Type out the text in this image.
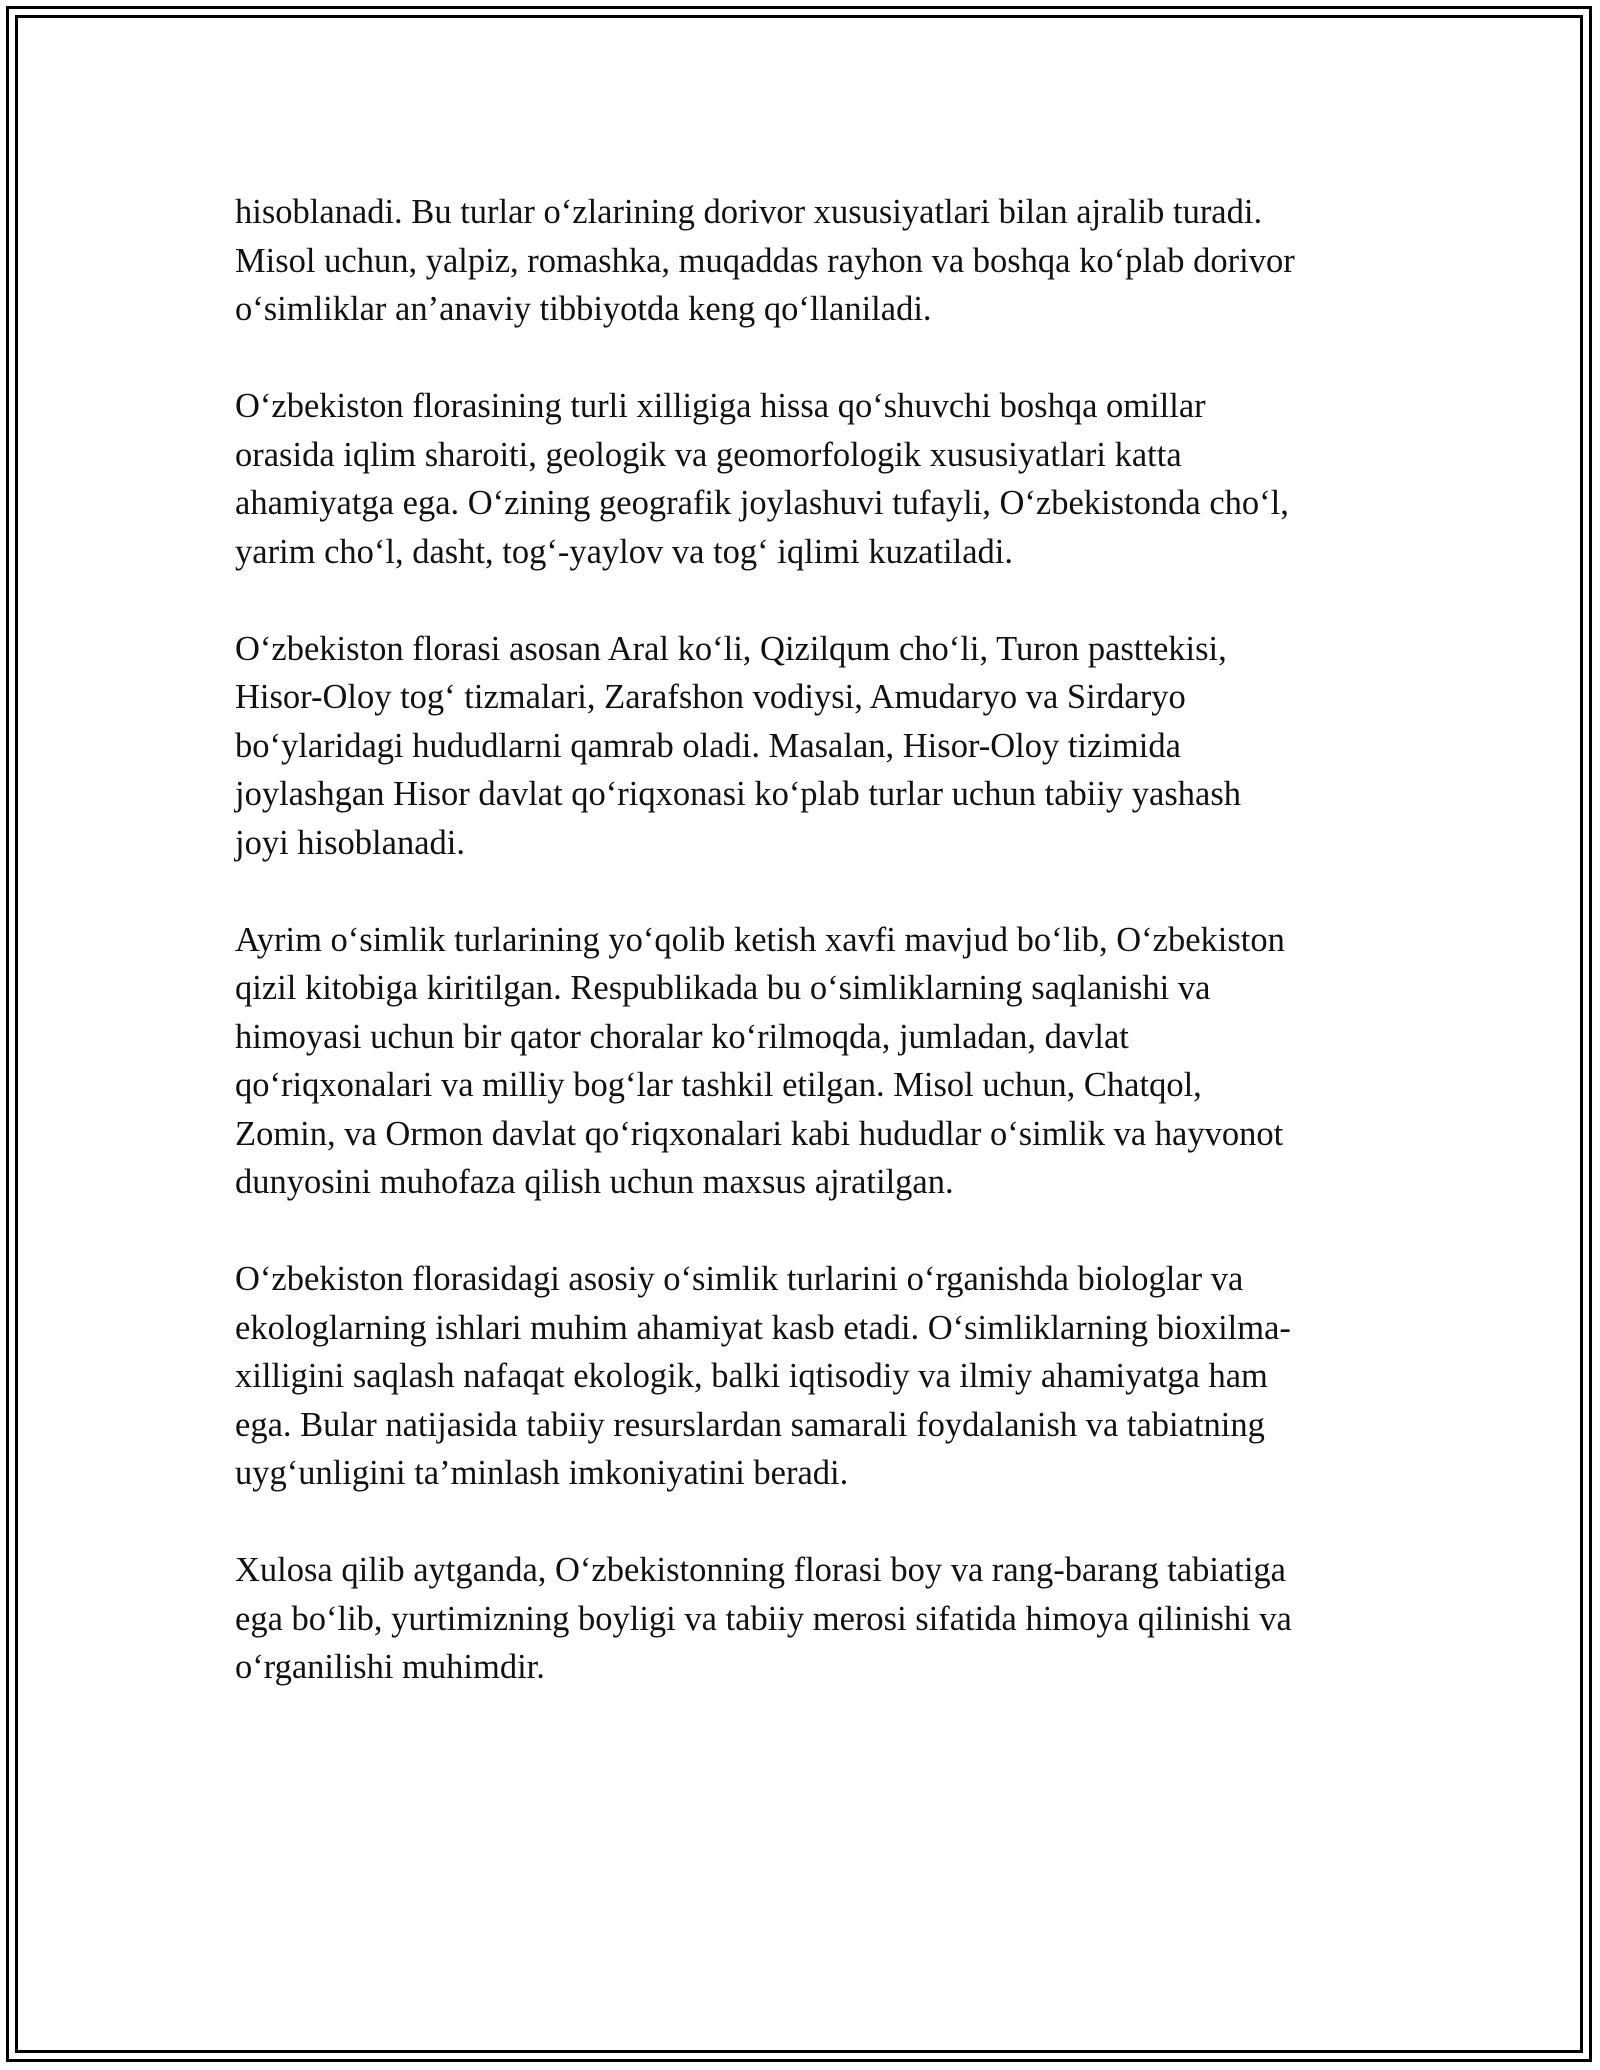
hisoblanadi. Bu turlar o‘zlarining dorivor xususiyatlari bilan ajralib turadi.
Misol uchun, yalpiz, romashka, muqaddas rayhon va boshqa ko‘plab dorivor
o‘simliklar an’anaviy tibbiyotda keng qo‘llaniladi.

O‘zbekiston florasining turli xilligiga hissa qo‘shuvchi boshqa omillar
orasida iqlim sharoiti, geologik va geomorfologik xususiyatlari katta
ahamiyatga ega. O‘zining geografik joylashuvi tufayli, O‘zbekistonda cho‘l,
yarim cho‘l, dasht, tog‘-yaylov va tog‘ iqlimi kuzatiladi.

O‘zbekiston florasi asosan Aral ko‘li, Qizilqum cho‘li, Turon pasttekisi,
Hisor-Oloy tog‘ tizmalari, Zarafshon vodiysi, Amudaryo va Sirdaryo
bo‘ylaridagi hududlarni qamrab oladi. Masalan, Hisor-Oloy tizimida
joylashgan Hisor davlat qo‘riqxonasi ko‘plab turlar uchun tabiiy yashash
joyi hisoblanadi.

Ayrim o‘simlik turlarining yo‘qolib ketish xavfi mavjud bo‘lib, O‘zbekiston
qizil kitobiga kiritilgan. Respublikada bu o‘simliklarning saqlanishi va
himoyasi uchun bir qator choralar ko‘rilmoqda, jumladan, davlat
qo‘riqxonalari va milliy bog‘lar tashkil etilgan. Misol uchun, Chatqol,
Zomin, va Ormon davlat qo‘riqxonalari kabi hududlar o‘simlik va hayvonot
dunyosini muhofaza qilish uchun maxsus ajratilgan.

O‘zbekiston florasidagi asosiy o‘simlik turlarini o‘rganishda biologlar va
ekologlarning ishlari muhim ahamiyat kasb etadi. O‘simliklarning bioxilma-
xilligini saqlash nafaqat ekologik, balki iqtisodiy va ilmiy ahamiyatga ham
ega. Bular natijasida tabiiy resurslardan samarali foydalanish va tabiatning
uyg‘unligini ta’minlash imkoniyatini beradi.

Xulosa qilib aytganda, O‘zbekistonning florasi boy va rang-barang tabiatiga
ega bo‘lib, yurtimizning boyligi va tabiiy merosi sifatida himoya qilinishi va
o‘rganilishi muhimdir.
